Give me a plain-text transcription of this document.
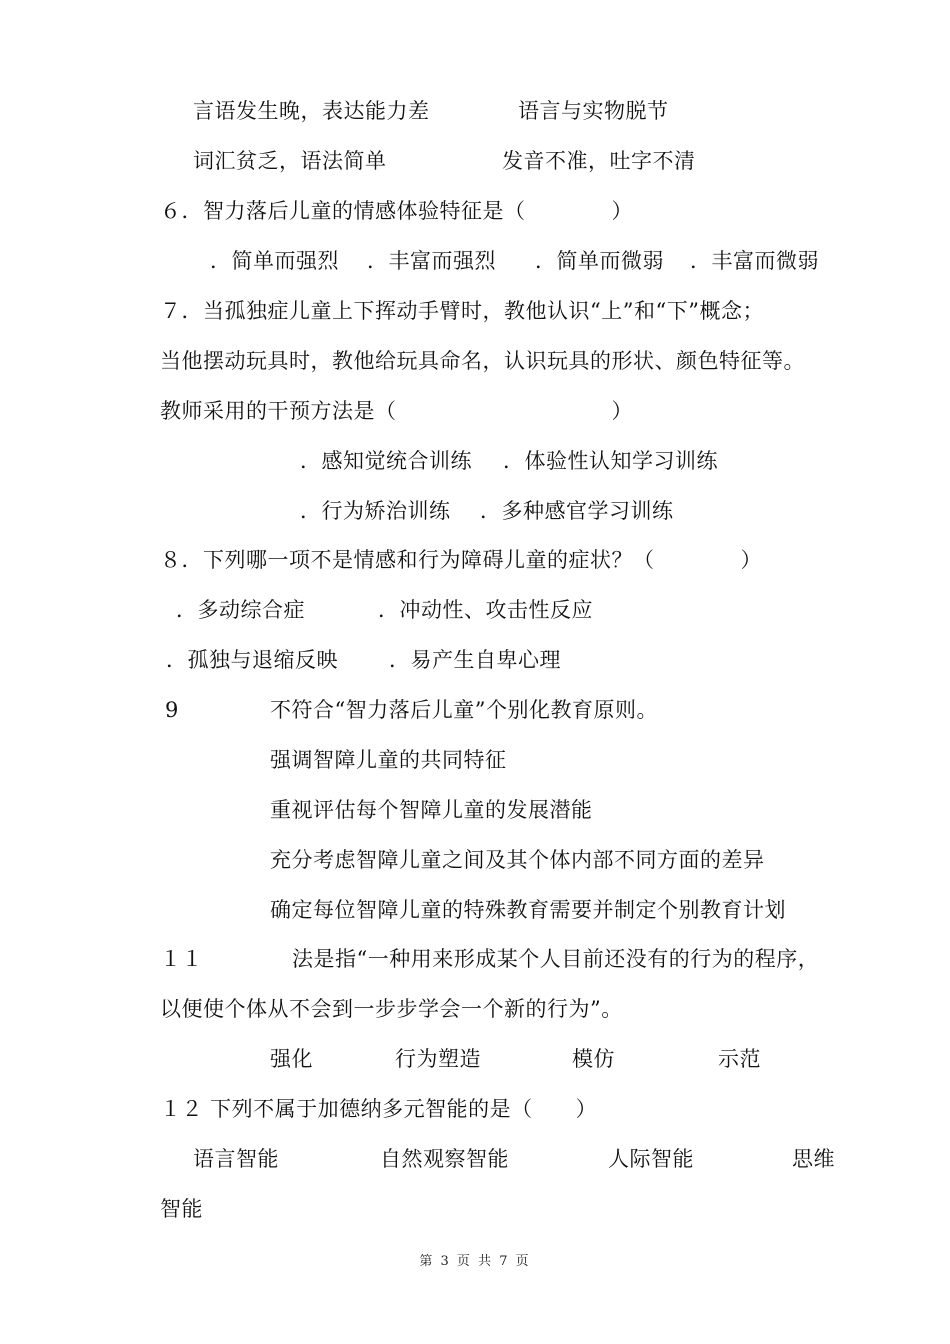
言语发生晚，表达能力差	语言与实物脱节
词汇贫乏，语法简单	发音不准，吐字不清
６．智力落后儿童的情感体验特征是（　　　　）
．简单而强烈 ．丰富而强烈 ．简单而微弱 ．丰富而微弱
７．当孤独症儿童上下挥动手臂时，教他认识“上”和“下”概念；
当他摆动玩具时，教他给玩具命名，认识玩具的形状、颜色特征等。
教师采用的干预方法是（　　　　　　　　　　）
．感知觉统合训练 ．体验性认知学习训练
．行为矫治训练 ．多种感官学习训练
８．下列哪一项不是情感和行为障碍儿童的症状？（　　　　）
．多动综合症	．冲动性、攻击性反应
．孤独与退缩反映 ．易产生自卑心理
9	不符合“智力落后儿童”个别化教育原则。
强调智障儿童的共同特征
重视评估每个智障儿童的发展潜能
充分考虑智障儿童之间及其个体内部不同方面的差异
确定每位智障儿童的特殊教育需要并制定个别教育计划
１１	法是指“一种用来形成某个人目前还没有的行为的程序，
以便使个体从不会到一步步学会一个新的行为”。
强化	行为塑造	模仿	示范
１２ 下列不属于加德纳多元智能的是（　　）
语言智能	自然观察智能	人际智能	思维
智能
第 3 页 共 7 页
